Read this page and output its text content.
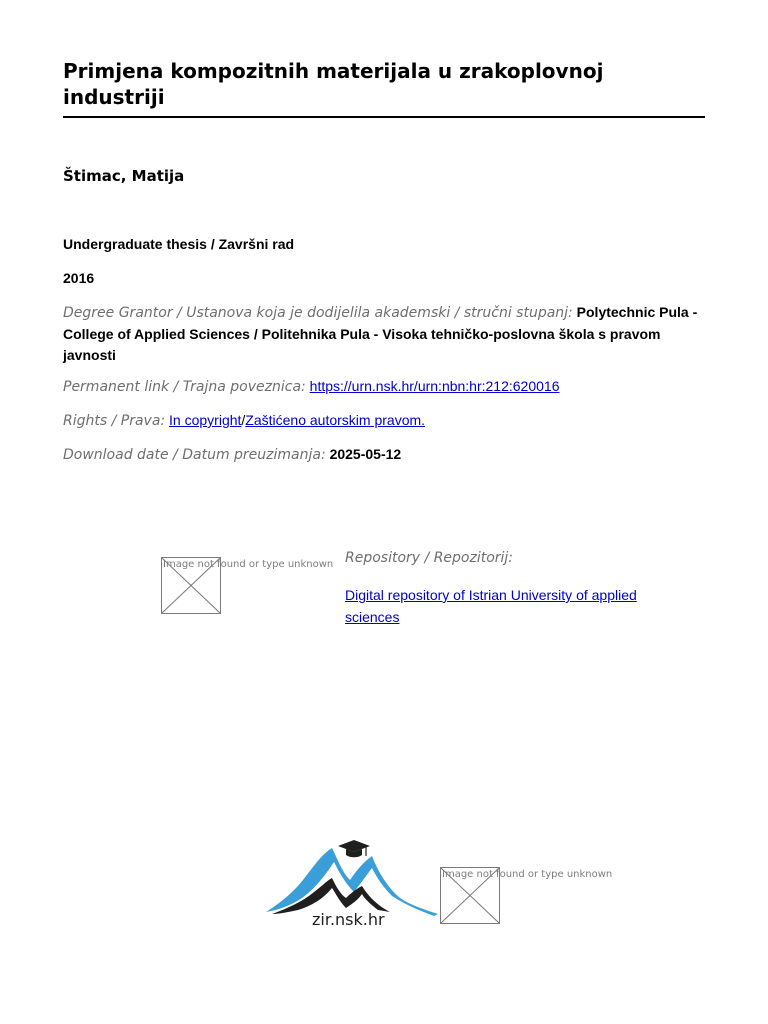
Primjena kompozitnih materijala u zrakoplovnoj industriji
Štimac, Matija
Undergraduate thesis / Završni rad
2016
Degree Grantor / Ustanova koja je dodijelila akademski / stručni stupanj: Polytechnic Pula - College of Applied Sciences / Politehnika Pula - Visoka tehničko-poslovna škola s pravom javnosti
Permanent link / Trajna poveznica: https://urn.nsk.hr/urn:nbn:hr:212:620016
Rights / Prava: In copyright/Zaštićeno autorskim pravom.
Download date / Datum preuzimanja: 2025-05-12
Image not found or type unknown Repository / Repozitorij:
Digital repository of Istrian University of applied sciences
zir.nsk.hr
Image not found or type unknown
